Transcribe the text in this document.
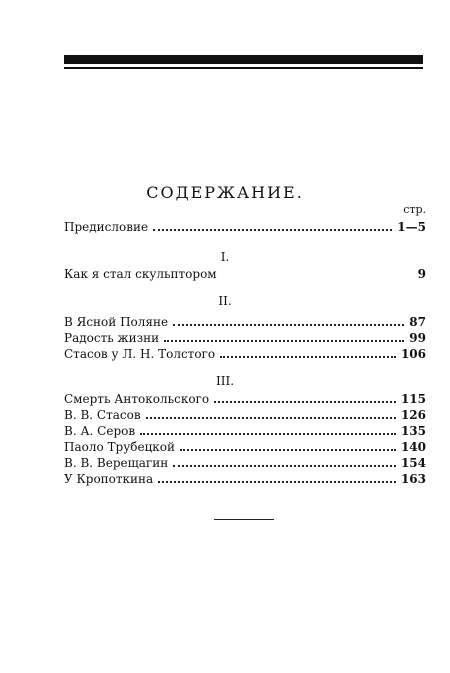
СОДЕРЖАНИЕ.
стр.
Предисловие	1—5
I.
Как я стал скульптором	9
II.
В Ясной Поляне	87
Радость жизни	99
Стасов у Л. Н. Толстого	106
III.
Смерть Антокольского	115
В. В. Стасов	126
В. А. Серов	135
Паоло Трубецкой	140
В. В. Верещагин	154
У Кропоткина	163
